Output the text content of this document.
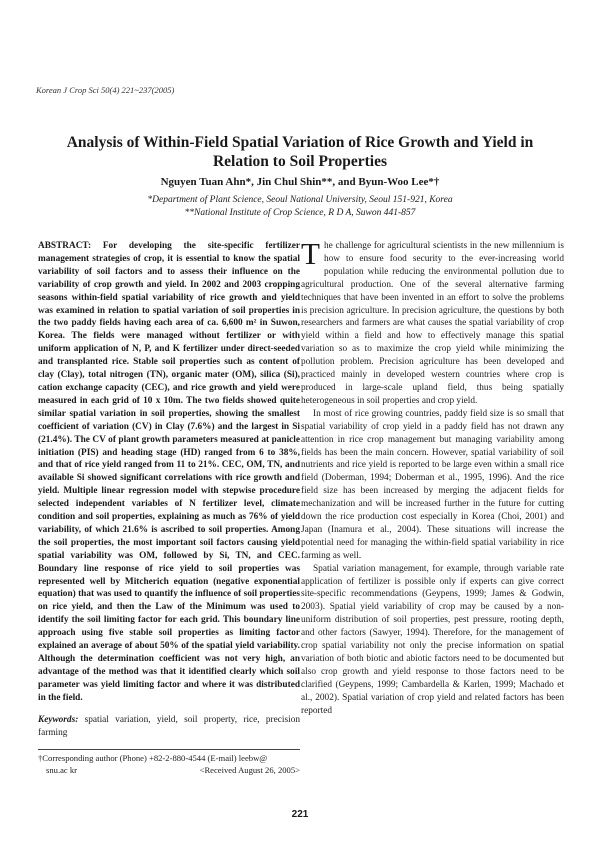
Korean J Crop Sci 50(4) 221~237(2005)
Analysis of Within-Field Spatial Variation of Rice Growth and Yield in Relation to Soil Properties
Nguyen Tuan Ahn*, Jin Chul Shin**, and Byun-Woo Lee*†
*Department of Plant Science, Seoul National University, Seoul 151-921, Korea
**National Institute of Crop Science, R D A, Suwon 441-857
ABSTRACT: For developing the site-specific fertilizer management strategies of crop, it is essential to know the spatial variability of soil factors and to assess their influence on the variability of crop growth and yield. In 2002 and 2003 cropping seasons within-field spatial variability of rice growth and yield was examined in relation to spatial variation of soil properties in the two paddy fields having each area of ca. 6,600 m² in Suwon, Korea. The fields were managed without fertilizer or with uniform application of N, P, and K fertilizer under direct-seeded and transplanted rice. Stable soil properties such as content of clay (Clay), total nitrogen (TN), organic mater (OM), silica (Si), cation exchange capacity (CEC), and rice growth and yield were measured in each grid of 10 x 10m. The two fields showed quite similar spatial variation in soil properties, showing the smallest coefficient of variation (CV) in Clay (7.6%) and the largest in Si (21.4%). The CV of plant growth parameters measured at panicle initiation (PIS) and heading stage (HD) ranged from 6 to 38%, and that of rice yield ranged from 11 to 21%. CEC, OM, TN, and available Si showed significant correlations with rice growth and yield. Multiple linear regression model with stepwise procedure selected independent variables of N fertilizer level, climate condition and soil properties, explaining as much as 76% of yield variability, of which 21.6% is ascribed to soil properties. Among the soil properties, the most important soil factors causing yield spatial variability was OM, followed by Si, TN, and CEC. Boundary line response of rice yield to soil properties was represented well by Mitcherich equation (negative exponential equation) that was used to quantify the influence of soil properties on rice yield, and then the Law of the Minimum was used to identify the soil limiting factor for each grid. This boundary line approach using five stable soil properties as limiting factor explained an average of about 50% of the spatial yield variability. Although the determination coefficient was not very high, an advantage of the method was that it identified clearly which soil parameter was yield limiting factor and where it was distributed in the field.
Keywords: spatial variation, yield, soil property, rice, precision farming
†Corresponding author (Phone) +82-2-880-4544 (E-mail) leebw@
snu.ac kr	<Received August 26, 2005>

The challenge for agricultural scientists in the new millennium is how to ensure food security to the ever-increasing world population while reducing the environmental pollution due to agricultural production. One of the several alternative farming techniques that have been invented in an effort to solve the problems is precision agriculture. In precision agriculture, the questions by both researchers and farmers are what causes the spatial variability of crop yield within a field and how to effectively manage this spatial variation so as to maximize the crop yield while minimizing the pollution problem. Precision agriculture has been developed and practiced mainly in developed western countries where crop is produced in large-scale upland field, thus being spatially heterogeneous in soil properties and crop yield.

In most of rice growing countries, paddy field size is so small that spatial variability of crop yield in a paddy field has not drawn any attention in rice crop management but managing variability among fields has been the main concern. However, spatial variability of soil nutrients and rice yield is reported to be large even within a small rice field (Doberman, 1994; Doberman et al., 1995, 1996). And the rice field size has been increased by merging the adjacent fields for mechanization and will be increased further in the future for cutting down the rice production cost especially in Korea (Choi, 2001) and Japan (Inamura et al., 2004). These situations will increase the potential need for managing the within-field spatial variability in rice farming as well.

Spatial variation management, for example, through variable rate application of fertilizer is possible only if experts can give correct site-specific recommendations (Geypens, 1999; James & Godwin, 2003). Spatial yield variability of crop may be caused by a non-uniform distribution of soil properties, pest pressure, rooting depth, and other factors (Sawyer, 1994). Therefore, for the management of crop spatial variability not only the precise information on spatial variation of both biotic and abiotic factors need to be documented but also crop growth and yield response to those factors need to be clarified (Geypens, 1999; Cambardella & Karlen, 1999; Machado et al., 2002). Spatial variation of crop yield and related factors has been reported

221
